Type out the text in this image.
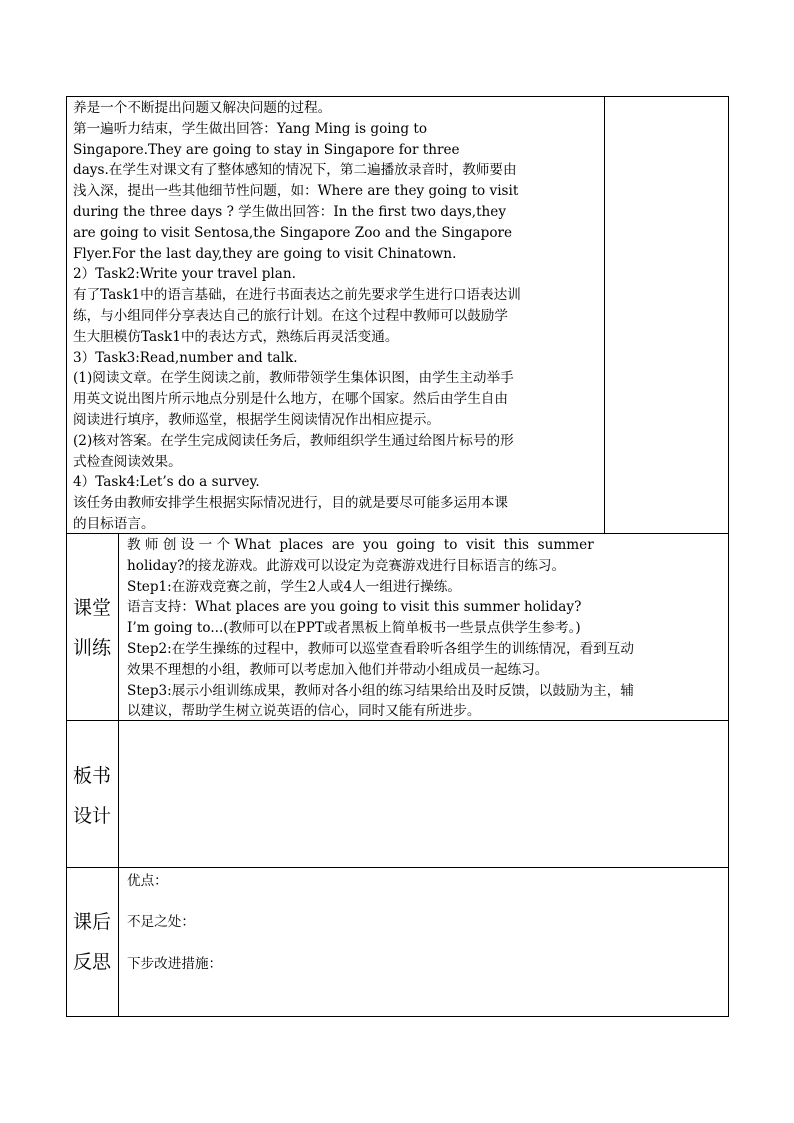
养是一个不断提出问题又解决问题的过程。

第一遍听力结束，学生做出回答：Yang Ming is going to

Singapore.They are going to stay in Singapore for three

days.在学生对课文有了整体感知的情况下，第二遍播放录音时，教师要由

浅入深，提出一些其他细节性问题，如：Where are they going to visit

during the three days ? 学生做出回答：In the first two days,they

are going to visit Sentosa,the Singapore Zoo and the Singapore

Flyer.For the last day,they are going to visit Chinatown.

2）Task2:Write your travel plan.

有了Task1中的语言基础，在进行书面表达之前先要求学生进行口语表达训

练，与小组同伴分享表达自己的旅行计划。在这个过程中教师可以鼓励学

生大胆模仿Task1中的表达方式，熟练后再灵活变通。

3）Task3:Read,number and talk.

(1)阅读文章。在学生阅读之前，教师带领学生集体识图，由学生主动举手

用英文说出图片所示地点分别是什么地方，在哪个国家。然后由学生自由

阅读进行填序，教师巡堂，根据学生阅读情况作出相应提示。

(2)核对答案。在学生完成阅读任务后，教师组织学生通过给图片标号的形

式检查阅读效果。

4）Task4:Let’s do a survey.

该任务由教师安排学生根据实际情况进行，目的就是要尽可能多运用本课

的目标语言。

课堂

训练

教 师 创 设 一 个 What  places  are  you  going  to  visit  this  summer

holiday?的接龙游戏。此游戏可以设定为竞赛游戏进行目标语言的练习。

Step1:在游戏竞赛之前，学生2人或4人一组进行操练。

语言支持：What places are you going to visit this summer holiday?

I’m going to...(教师可以在PPT或者黑板上简单板书一些景点供学生参考。)

Step2:在学生操练的过程中，教师可以巡堂查看聆听各组学生的训练情况，看到互动

效果不理想的小组，教师可以考虑加入他们并带动小组成员一起练习。

Step3:展示小组训练成果，教师对各小组的练习结果给出及时反馈，以鼓励为主，辅

以建议，帮助学生树立说英语的信心，同时又能有所进步。

板书

设计

课后

反思

优点：

不足之处：

下步改进措施：
